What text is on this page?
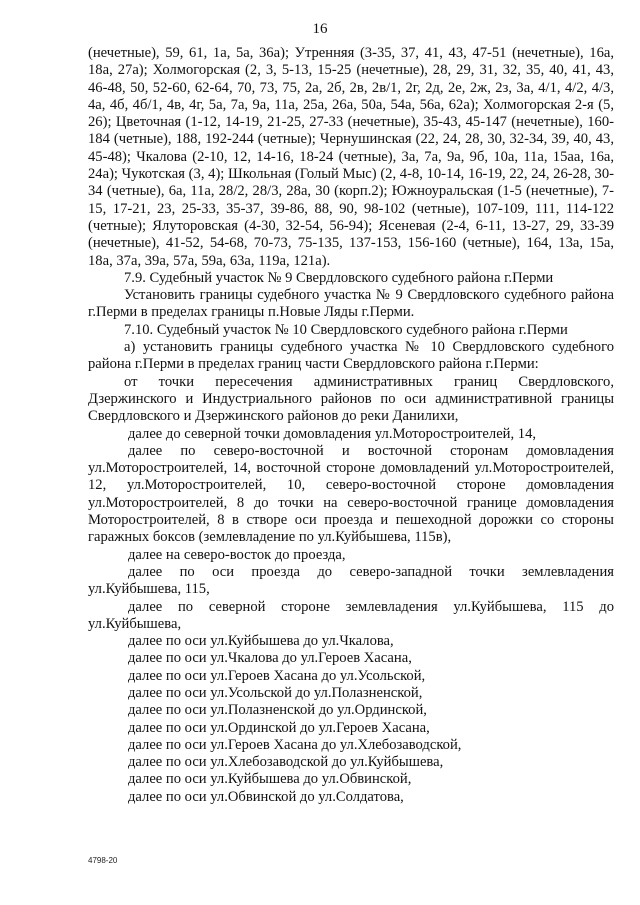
16

(нечетные), 59, 61, 1а, 5а, 36а); Утренняя (3-35, 37, 41, 43, 47-51 (нечетные), 16а, 18а, 27а); Холмогорская (2, 3, 5-13, 15-25 (нечетные), 28, 29, 31, 32, 35, 40, 41, 43, 46-48, 50, 52-60, 62-64, 70, 73, 75, 2а, 2б, 2в, 2в/1, 2г, 2д, 2е, 2ж, 2з, 3а, 4/1, 4/2, 4/3, 4а, 4б, 4б/1, 4в, 4г, 5а, 7а, 9а, 11а, 25а, 26а, 50а, 54а, 56а, 62а); Холмогорская 2-я (5, 26); Цветочная (1-12, 14-19, 21-25, 27-33 (нечетные), 35-43, 45-147 (нечетные), 160-184 (четные), 188, 192-244 (четные); Чернушинская (22, 24, 28, 30, 32-34, 39, 40, 43, 45-48); Чкалова (2-10, 12, 14-16, 18-24 (четные), 3а, 7а, 9а, 9б, 10а, 11а, 15аа, 16а, 24а); Чукотская (3, 4); Школьная (Голый Мыс) (2, 4-8, 10-14, 16-19, 22, 24, 26-28, 30-34 (четные), 6а, 11а, 28/2, 28/3, 28а, 30 (корп.2); Южноуральская (1-5 (нечетные), 7-15, 17-21, 23, 25-33, 35-37, 39-86, 88, 90, 98-102 (четные), 107-109, 111, 114-122 (четные); Ялуторовская (4-30, 32-54, 56-94); Ясеневая (2-4, 6-11, 13-27, 29, 33-39 (нечетные), 41-52, 54-68, 70-73, 75-135, 137-153, 156-160 (четные), 164, 13а, 15а, 18а, 37а, 39а, 57а, 59а, 63а, 119а, 121а).

7.9. Судебный участок № 9 Свердловского судебного района г.Перми

Установить границы судебного участка № 9 Свердловского судебного района г.Перми в пределах границы п.Новые Ляды г.Перми.

7.10. Судебный участок № 10 Свердловского судебного района г.Перми

а) установить границы судебного участка № 10 Свердловского судебного района г.Перми в пределах границ части Свердловского района г.Перми:

от точки пересечения административных границ Свердловского, Дзержинского и Индустриального районов по оси административной границы Свердловского и Дзержинского районов до реки Данилихи,

далее до северной точки домовладения ул.Моторостроителей, 14,

далее по северо-восточной и восточной сторонам домовладения ул.Моторостроителей, 14, восточной стороне домовладений ул.Моторостроителей, 12, ул.Моторостроителей, 10, северо-восточной стороне домовладения ул.Моторостроителей, 8 до точки на северо-восточной границе домовладения Моторостроителей, 8 в створе оси проезда и пешеходной дорожки со стороны гаражных боксов (землевладение по ул.Куйбышева, 115в),

далее на северо-восток до проезда,

далее по оси проезда до северо-западной точки землевладения ул.Куйбышева, 115,

далее по северной стороне землевладения ул.Куйбышева, 115 до ул.Куйбышева,

далее по оси ул.Куйбышева до ул.Чкалова,

далее по оси ул.Чкалова до ул.Героев Хасана,

далее по оси ул.Героев Хасана до ул.Усольской,

далее по оси ул.Усольской до ул.Полазненской,

далее по оси ул.Полазненской до ул.Ординской,

далее по оси ул.Ординской до ул.Героев Хасана,

далее по оси ул.Героев Хасана до ул.Хлебозаводской,

далее по оси ул.Хлебозаводской до ул.Куйбышева,

далее по оси ул.Куйбышева до ул.Обвинской,

далее по оси ул.Обвинской до ул.Солдатова,

4798-20
